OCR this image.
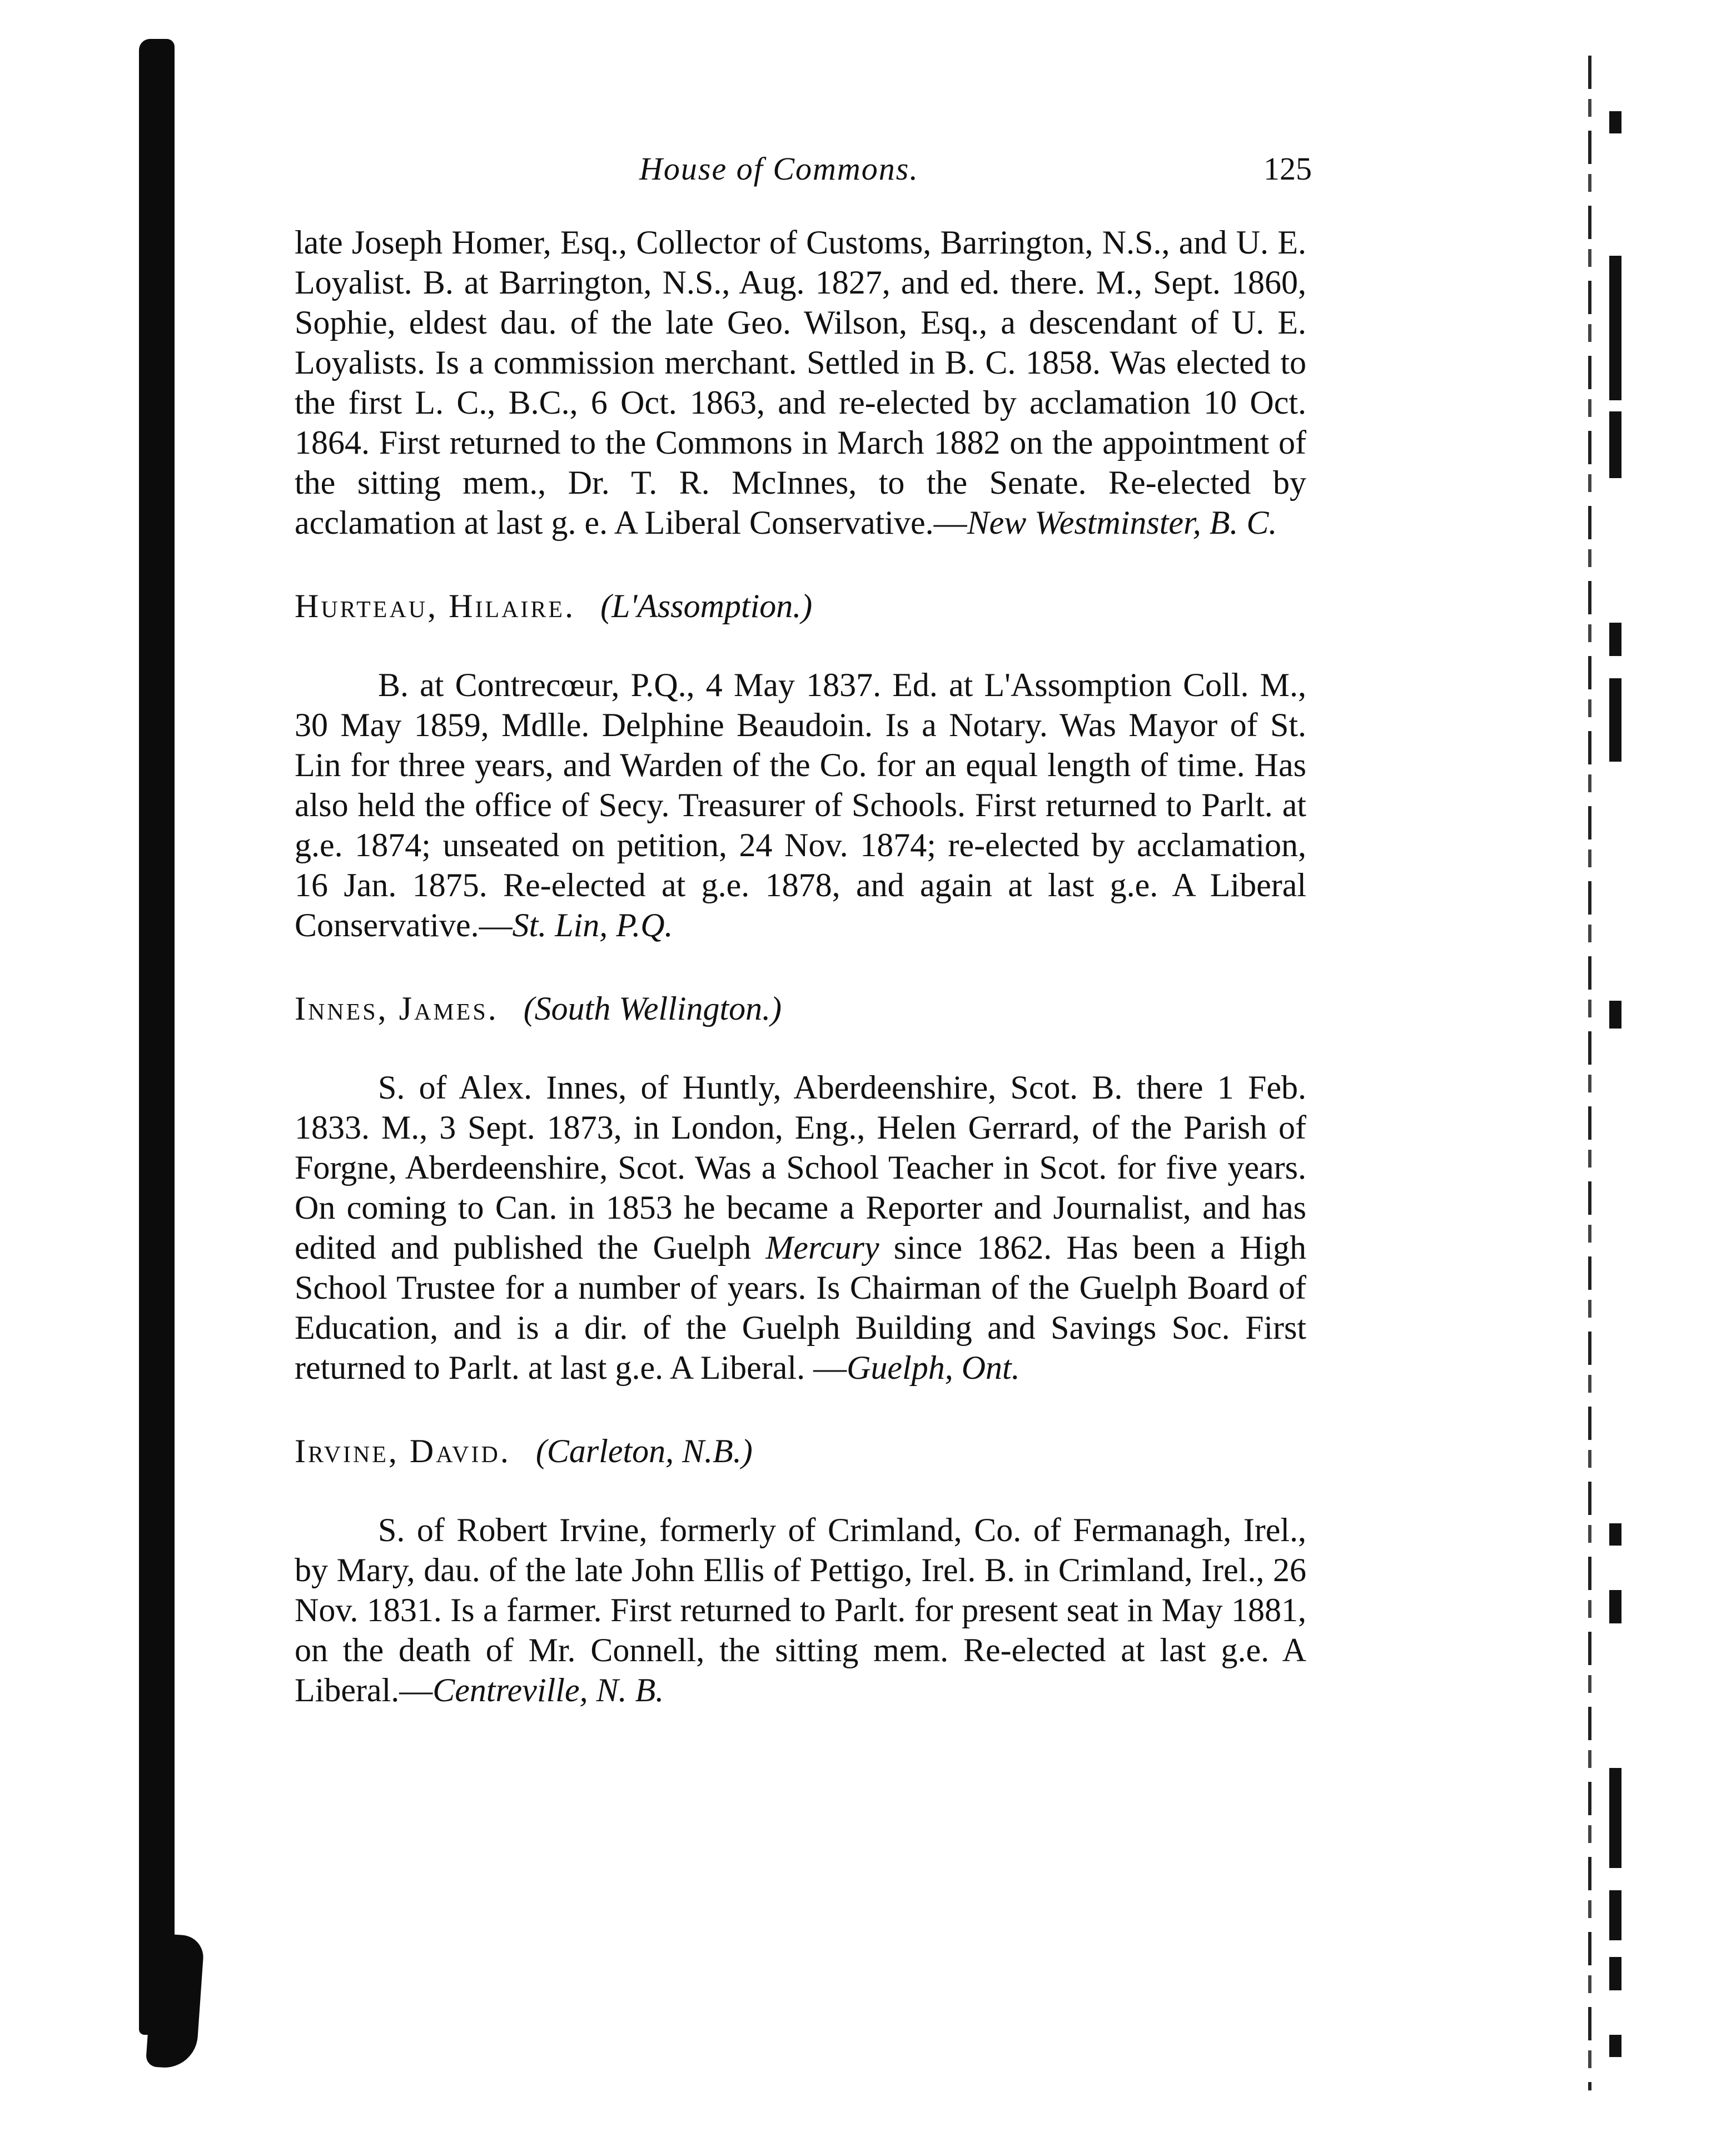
House of Commons.	125

late Joseph Homer, Esq., Collector of Customs, Barrington, N.S., and U. E. Loyalist. B. at Barrington, N.S., Aug. 1827, and ed. there. M., Sept. 1860, Sophie, eldest dau. of the late Geo. Wilson, Esq., a descendant of U. E. Loyalists. Is a commission merchant. Settled in B. C. 1858. Was elected to the first L. C., B.C., 6 Oct. 1863, and re-elected by acclamation 10 Oct. 1864. First returned to the Commons in March 1882 on the appointment of the sitting mem., Dr. T. R. McInnes, to the Senate. Re-elected by acclamation at last g. e. A Liberal Conservative.—New Westminster, B. C.

Hurteau, Hilaire. (L'Assomption.)

B. at Contrecœur, P.Q., 4 May 1837. Ed. at L'Assomption Coll. M., 30 May 1859, Mdlle. Delphine Beaudoin. Is a Notary. Was Mayor of St. Lin for three years, and Warden of the Co. for an equal length of time. Has also held the office of Secy. Treasurer of Schools. First returned to Parlt. at g.e. 1874; unseated on petition, 24 Nov. 1874; re-elected by acclamation, 16 Jan. 1875. Re-elected at g.e. 1878, and again at last g.e. A Liberal Conservative.—St. Lin, P.Q.

Innes, James. (South Wellington.)

S. of Alex. Innes, of Huntly, Aberdeenshire, Scot. B. there 1 Feb. 1833. M., 3 Sept. 1873, in London, Eng., Helen Gerrard, of the Parish of Forgne, Aberdeenshire, Scot. Was a School Teacher in Scot. for five years. On coming to Can. in 1853 he became a Reporter and Journalist, and has edited and published the Guelph Mercury since 1862. Has been a High School Trustee for a number of years. Is Chairman of the Guelph Board of Education, and is a dir. of the Guelph Building and Savings Soc. First returned to Parlt. at last g.e. A Liberal. —Guelph, Ont.

Irvine, David. (Carleton, N.B.)

S. of Robert Irvine, formerly of Crimland, Co. of Fermanagh, Irel., by Mary, dau. of the late John Ellis of Pettigo, Irel. B. in Crimland, Irel., 26 Nov. 1831. Is a farmer. First returned to Parlt. for present seat in May 1881, on the death of Mr. Connell, the sitting mem. Re-elected at last g.e. A Liberal.—Centreville, N. B.
